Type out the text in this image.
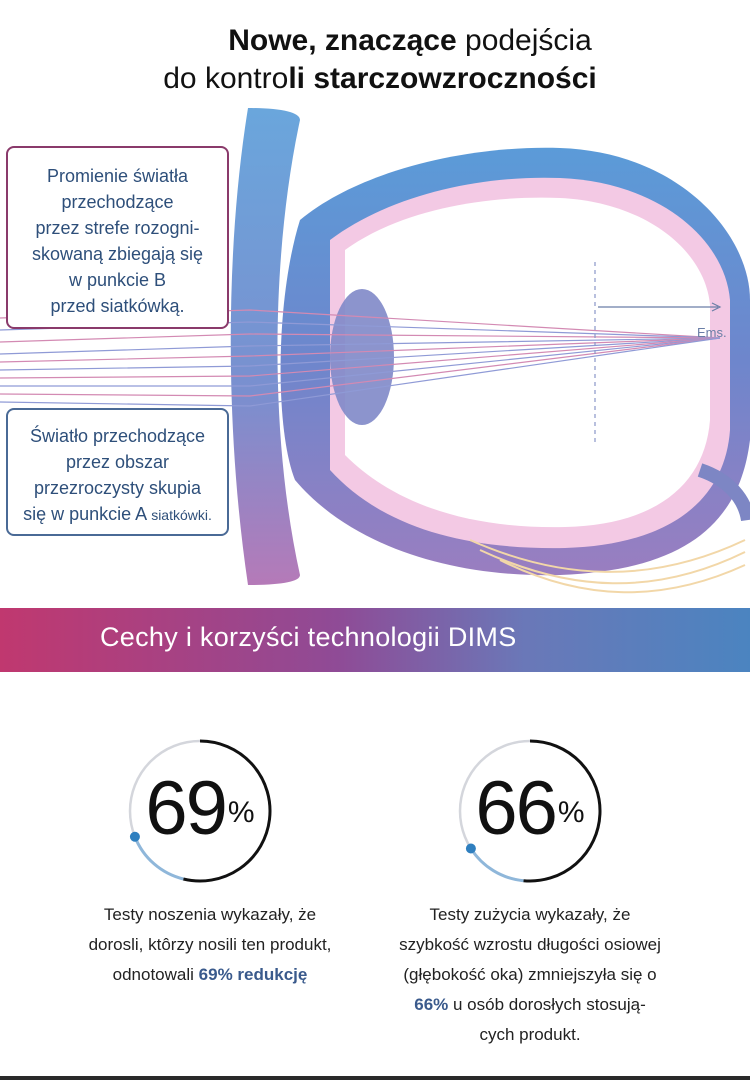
Nowe, znaczące podejścia
do kontroli starczowzroczności
Promienie światła
przechodzące
przez strefe rozogni-
skowaną zbiegają się
w punkcie B
przed siatkówką.
Światło przechodzące
przez obszar
przezroczysty skupia
się w punkcie A siatkówki.
Ems.
Cechy i korzyści technologii DIMS
69%	66%
Testy noszenia wykazały, że
dorosli, ktôrzy nosili ten produkt,
odnotowali 69% redukcję
Testy zużycia wykazały, że
szybkość wzrostu długości osiowej
(głębokość oka) zmniejszyła się o
66% u osób dorosłych stosują-
cych produkt.
